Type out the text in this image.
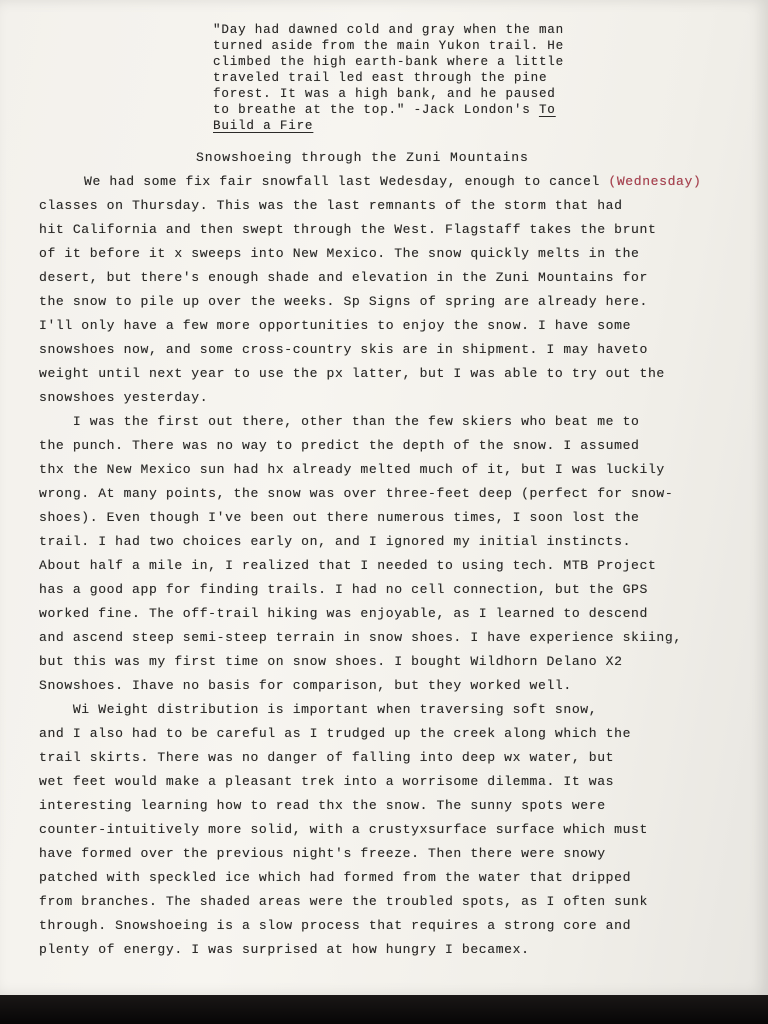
"Day had dawned cold and gray when the man
turned aside from the main Yukon trail. He
climbed the high earth-bank where a little
traveled trail led east through the pine
forest. It was a high bank, and he paused
to breathe at the top." -Jack London's To
Build a Fire
Snowshoeing through the Zuni Mountains
We had some fix fair snowfall last Wedesday, enough to cancel (Wednesday)
classes on Thursday. This was the last remnants of the storm that had
hit California and then swept through the West. Flagstaff takes the brunt
of it before it x sweeps into New Mexico. The snow quickly melts in the
desert, but there's enough shade and elevation in the Zuni Mountains for
the snow to pile up over the weeks. Sp Signs of spring are already here.
I'll only have a few more opportunities to enjoy the snow. I have some
snowshoes now, and some cross-country skis are in shipment. I may haveto
weight until next year to use the px latter, but I was able to try out the
snowshoes yesterday.
I was the first out there, other than the few skiers who beat me to
the punch. There was no way to predict the depth of the snow. I assumed
thx the New Mexico sun had hx already melted much of it, but I was luckily
wrong. At many points, the snow was over three-feet deep (perfect for snow-
shoes). Even though I've been out there numerous times, I soon lost the
trail. I had two choices early on, and I ignored my initial instincts.
About half a mile in, I realized that I needed to using tech. MTB Project
has a good app for finding trails. I had no cell connection, but the GPS
worked fine. The off-trail hiking was enjoyable, as I learned to descend
and ascend steep semi-steep terrain in snow shoes. I have experience skiing,
but this was my first time on snow shoes. I bought Wildhorn Delano X2
Snowshoes. Ihave no basis for comparison, but they worked well.
Wi Weight distribution is important when traversing soft snow,
and I also had to be careful as I trudged up the creek along which the
trail skirts. There was no danger of falling into deep wx water, but
wet feet would make a pleasant trek into a worrisome dilemma. It was
interesting learning how to read thx the snow. The sunny spots were
counter-intuitively more solid, with a crustyxsurface surface which must
have formed over the previous night's freeze. Then there were snowy
patched with speckled ice which had formed from the water that dripped
from branches. The shaded areas were the troubled spots, as I often sunk
through. Snowshoeing is a slow process that requires a strong core and
plenty of energy. I was surprised at how hungry I becamex.
